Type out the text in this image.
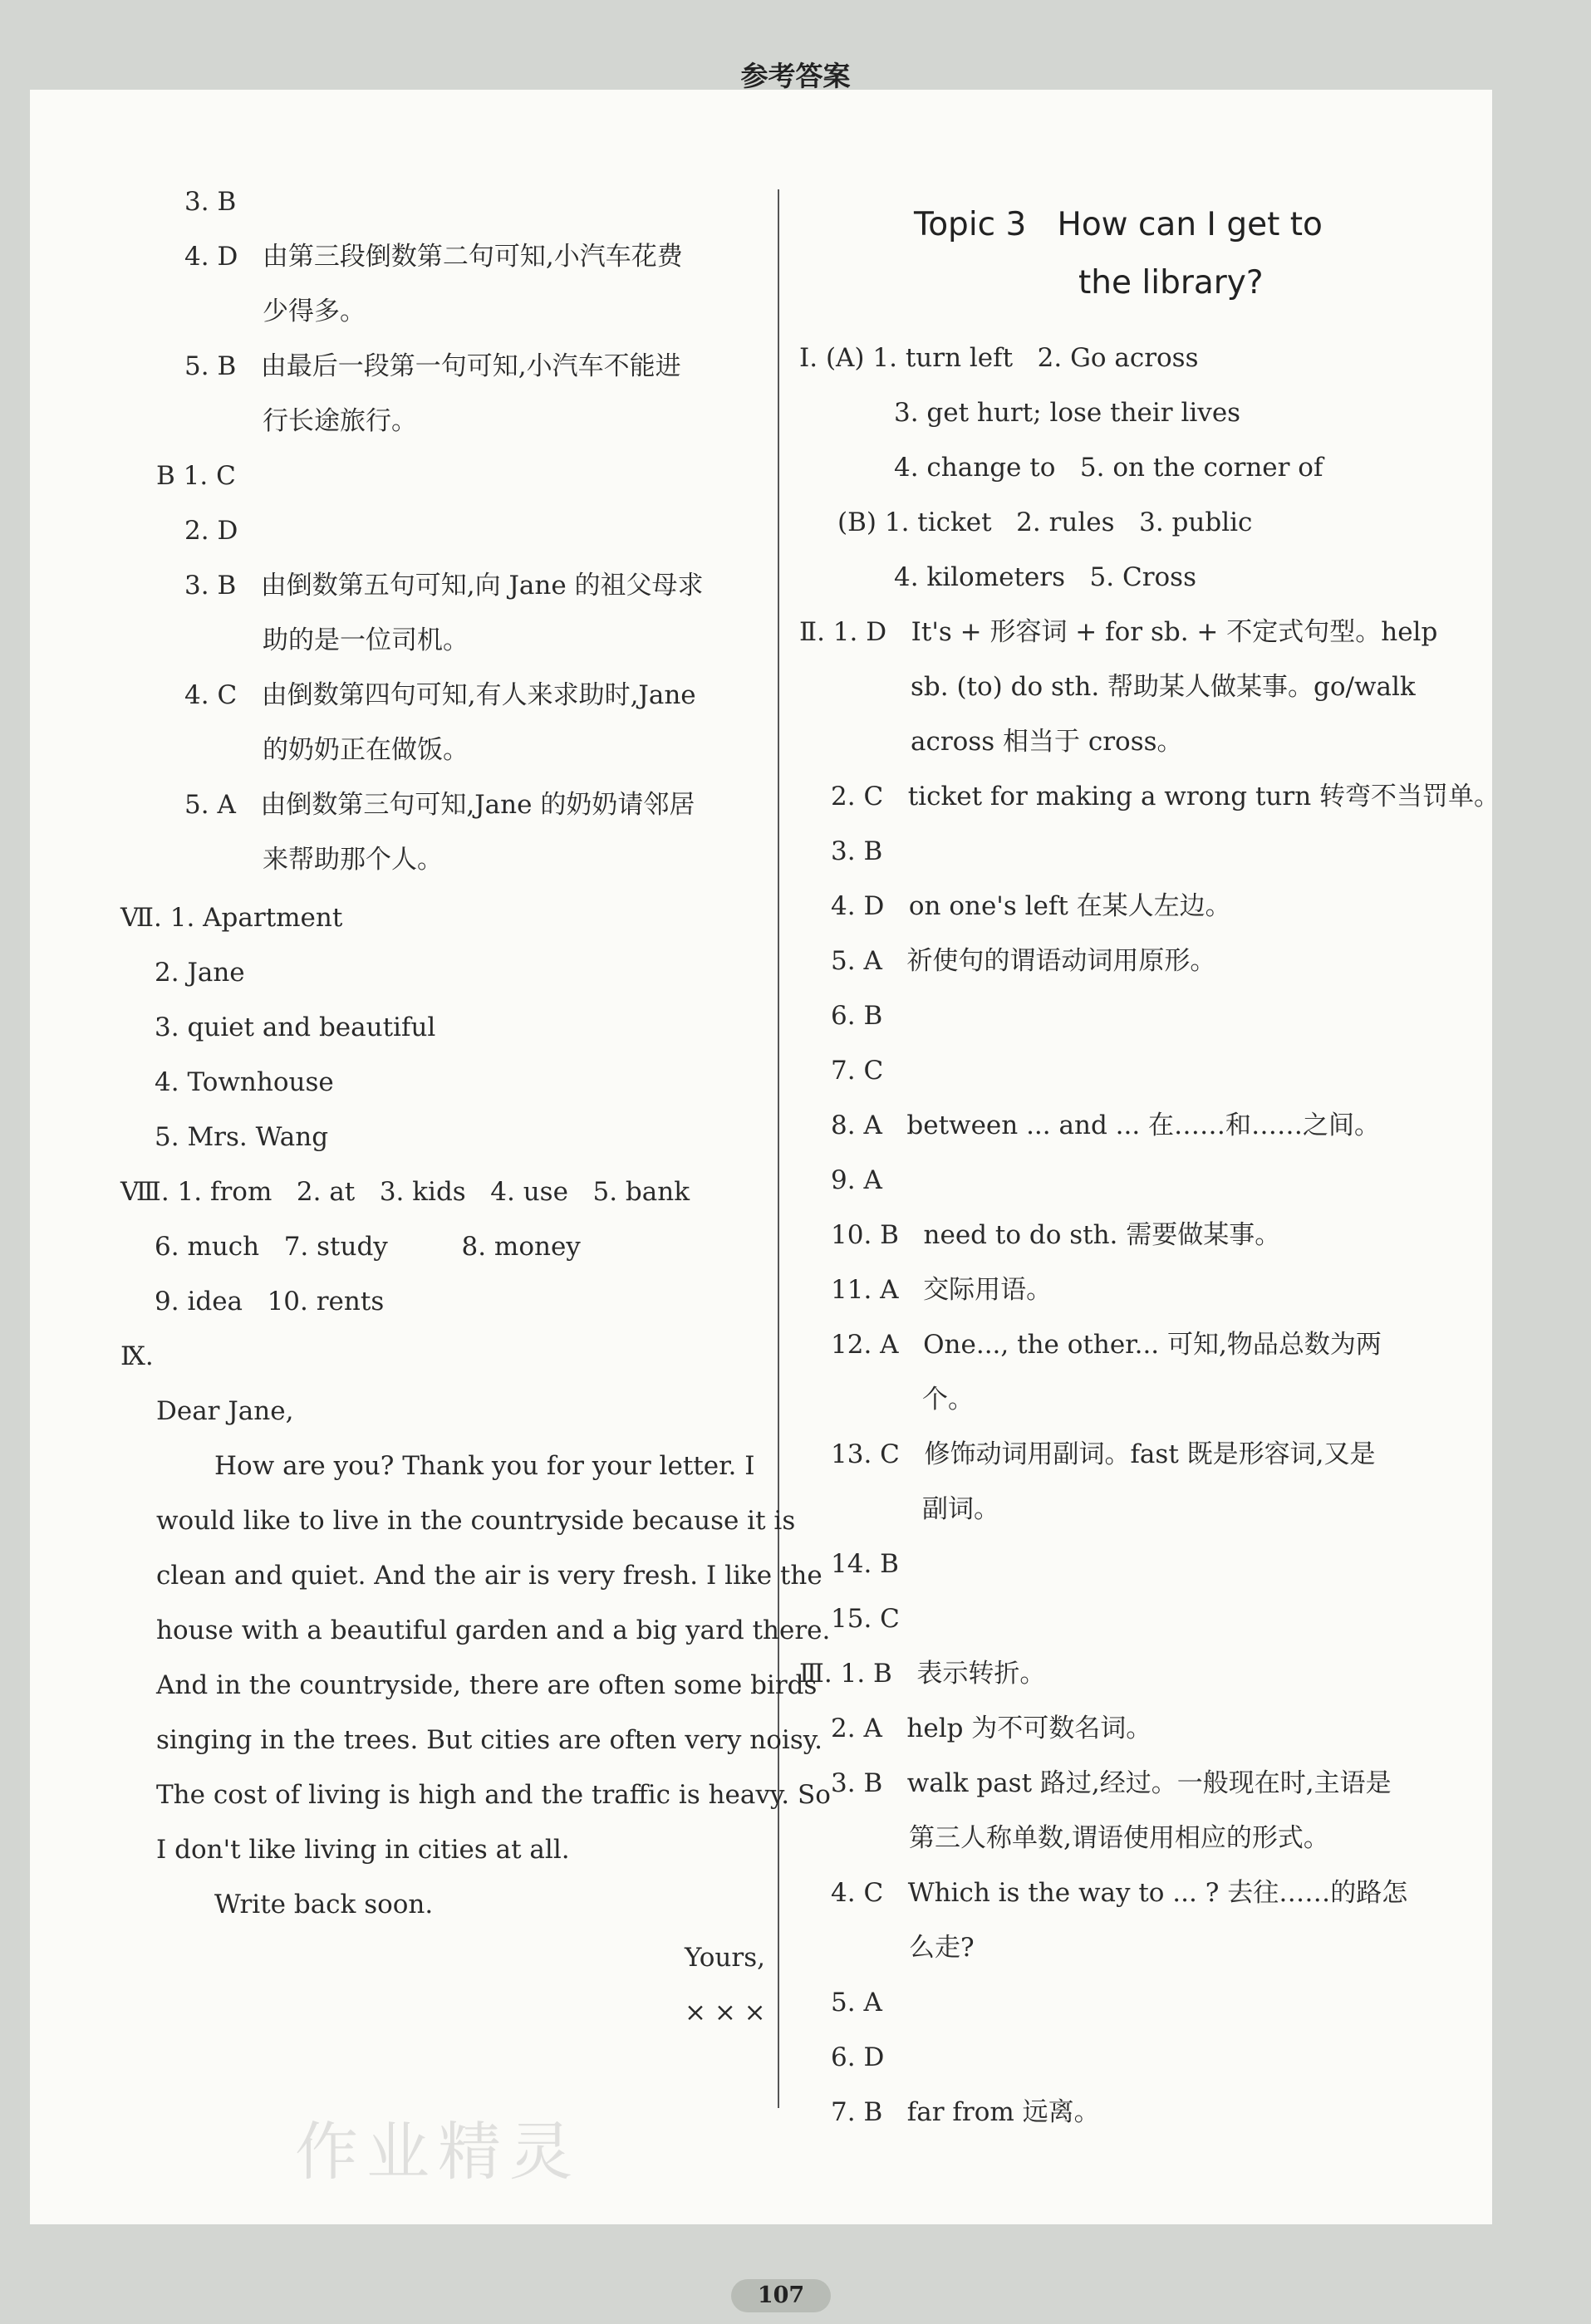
参考答案
3. B
4. D   由第三段倒数第二句可知,小汽车花费
少得多。
5. B   由最后一段第一句可知,小汽车不能进
行长途旅行。
B 1. C
2. D
3. B   由倒数第五句可知,向 Jane 的祖父母求
助的是一位司机。
4. C   由倒数第四句可知,有人来求助时,Jane
的奶奶正在做饭。
5. A   由倒数第三句可知,Jane 的奶奶请邻居
来帮助那个人。
Ⅶ. 1. Apartment
2. Jane
3. quiet and beautiful
4. Townhouse
5. Mrs. Wang
Ⅷ. 1. from   2. at   3. kids   4. use   5. bank
6. much   7. study         8. money
9. idea   10. rents
Ⅸ.
Dear Jane,
How are you? Thank you for your letter. I
would like to live in the countryside because it is
clean and quiet. And the air is very fresh. I like the
house with a beautiful garden and a big yard there.
And in the countryside, there are often some birds
singing in the trees. But cities are often very noisy.
The cost of living is high and the traffic is heavy. So
I don't like living in cities at all.
Write back soon.
Yours,
× × ×
Topic 3   How can I get to
the library?
Ⅰ. (A) 1. turn left   2. Go across
3. get hurt; lose their lives
4. change to   5. on the corner of
(B) 1. ticket   2. rules   3. public
4. kilometers   5. Cross
Ⅱ. 1. D   It's + 形容词 + for sb. + 不定式句型。help
sb. (to) do sth. 帮助某人做某事。go/walk
across 相当于 cross。
2. C   ticket for making a wrong turn 转弯不当罚单。
3. B
4. D   on one's left 在某人左边。
5. A   祈使句的谓语动词用原形。
6. B
7. C
8. A   between ... and ... 在……和……之间。
9. A
10. B   need to do sth. 需要做某事。
11. A   交际用语。
12. A   One..., the other... 可知,物品总数为两
个。
13. C   修饰动词用副词。fast 既是形容词,又是
副词。
14. B
15. C
Ⅲ. 1. B   表示转折。
2. A   help 为不可数名词。
3. B   walk past 路过,经过。一般现在时,主语是
第三人称单数,谓语使用相应的形式。
4. C   Which is the way to ... ? 去往……的路怎
么走?
5. A
6. D
7. B   far from 远离。
作业精灵
107
